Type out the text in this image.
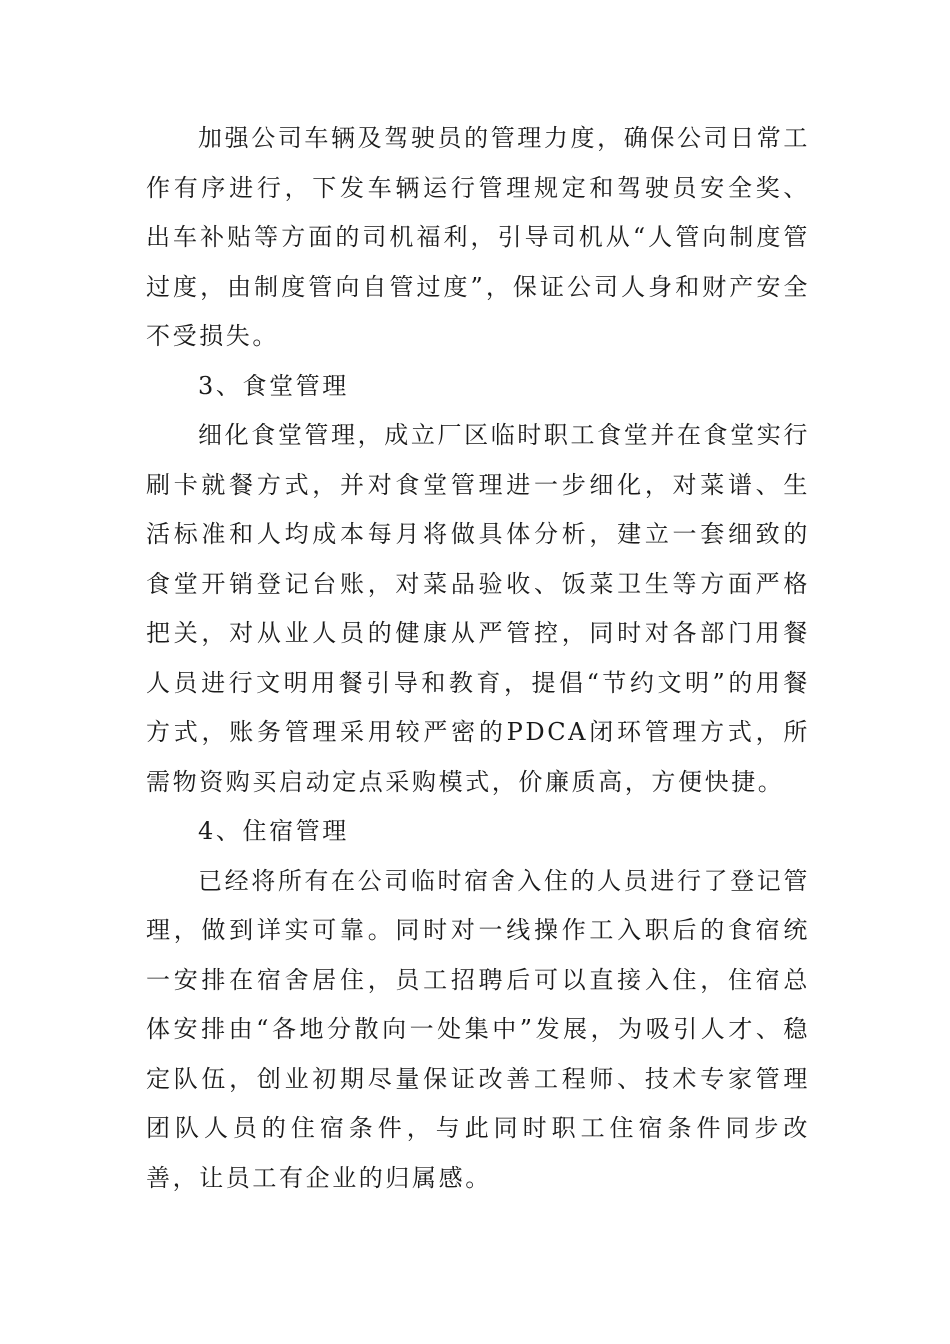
加强公司车辆及驾驶员的管理力度，确保公司日常工作有序进行，下发车辆运行管理规定和驾驶员安全奖、出车补贴等方面的司机福利，引导司机从“人管向制度管过度，由制度管向自管过度”，保证公司人身和财产安全不受损失。

3、食堂管理

细化食堂管理，成立厂区临时职工食堂并在食堂实行刷卡就餐方式，并对食堂管理进一步细化，对菜谱、生活标准和人均成本每月将做具体分析，建立一套细致的食堂开销登记台账，对菜品验收、饭菜卫生等方面严格把关，对从业人员的健康从严管控，同时对各部门用餐人员进行文明用餐引导和教育，提倡“节约文明”的用餐方式，账务管理采用较严密的PDCA闭环管理方式，所需物资购买启动定点采购模式，价廉质高，方便快捷。

4、住宿管理

已经将所有在公司临时宿舍入住的人员进行了登记管理，做到详实可靠。同时对一线操作工入职后的食宿统一安排在宿舍居住，员工招聘后可以直接入住，住宿总体安排由“各地分散向一处集中”发展，为吸引人才、稳定队伍，创业初期尽量保证改善工程师、技术专家管理团队人员的住宿条件，与此同时职工住宿条件同步改善，让员工有企业的归属感。
